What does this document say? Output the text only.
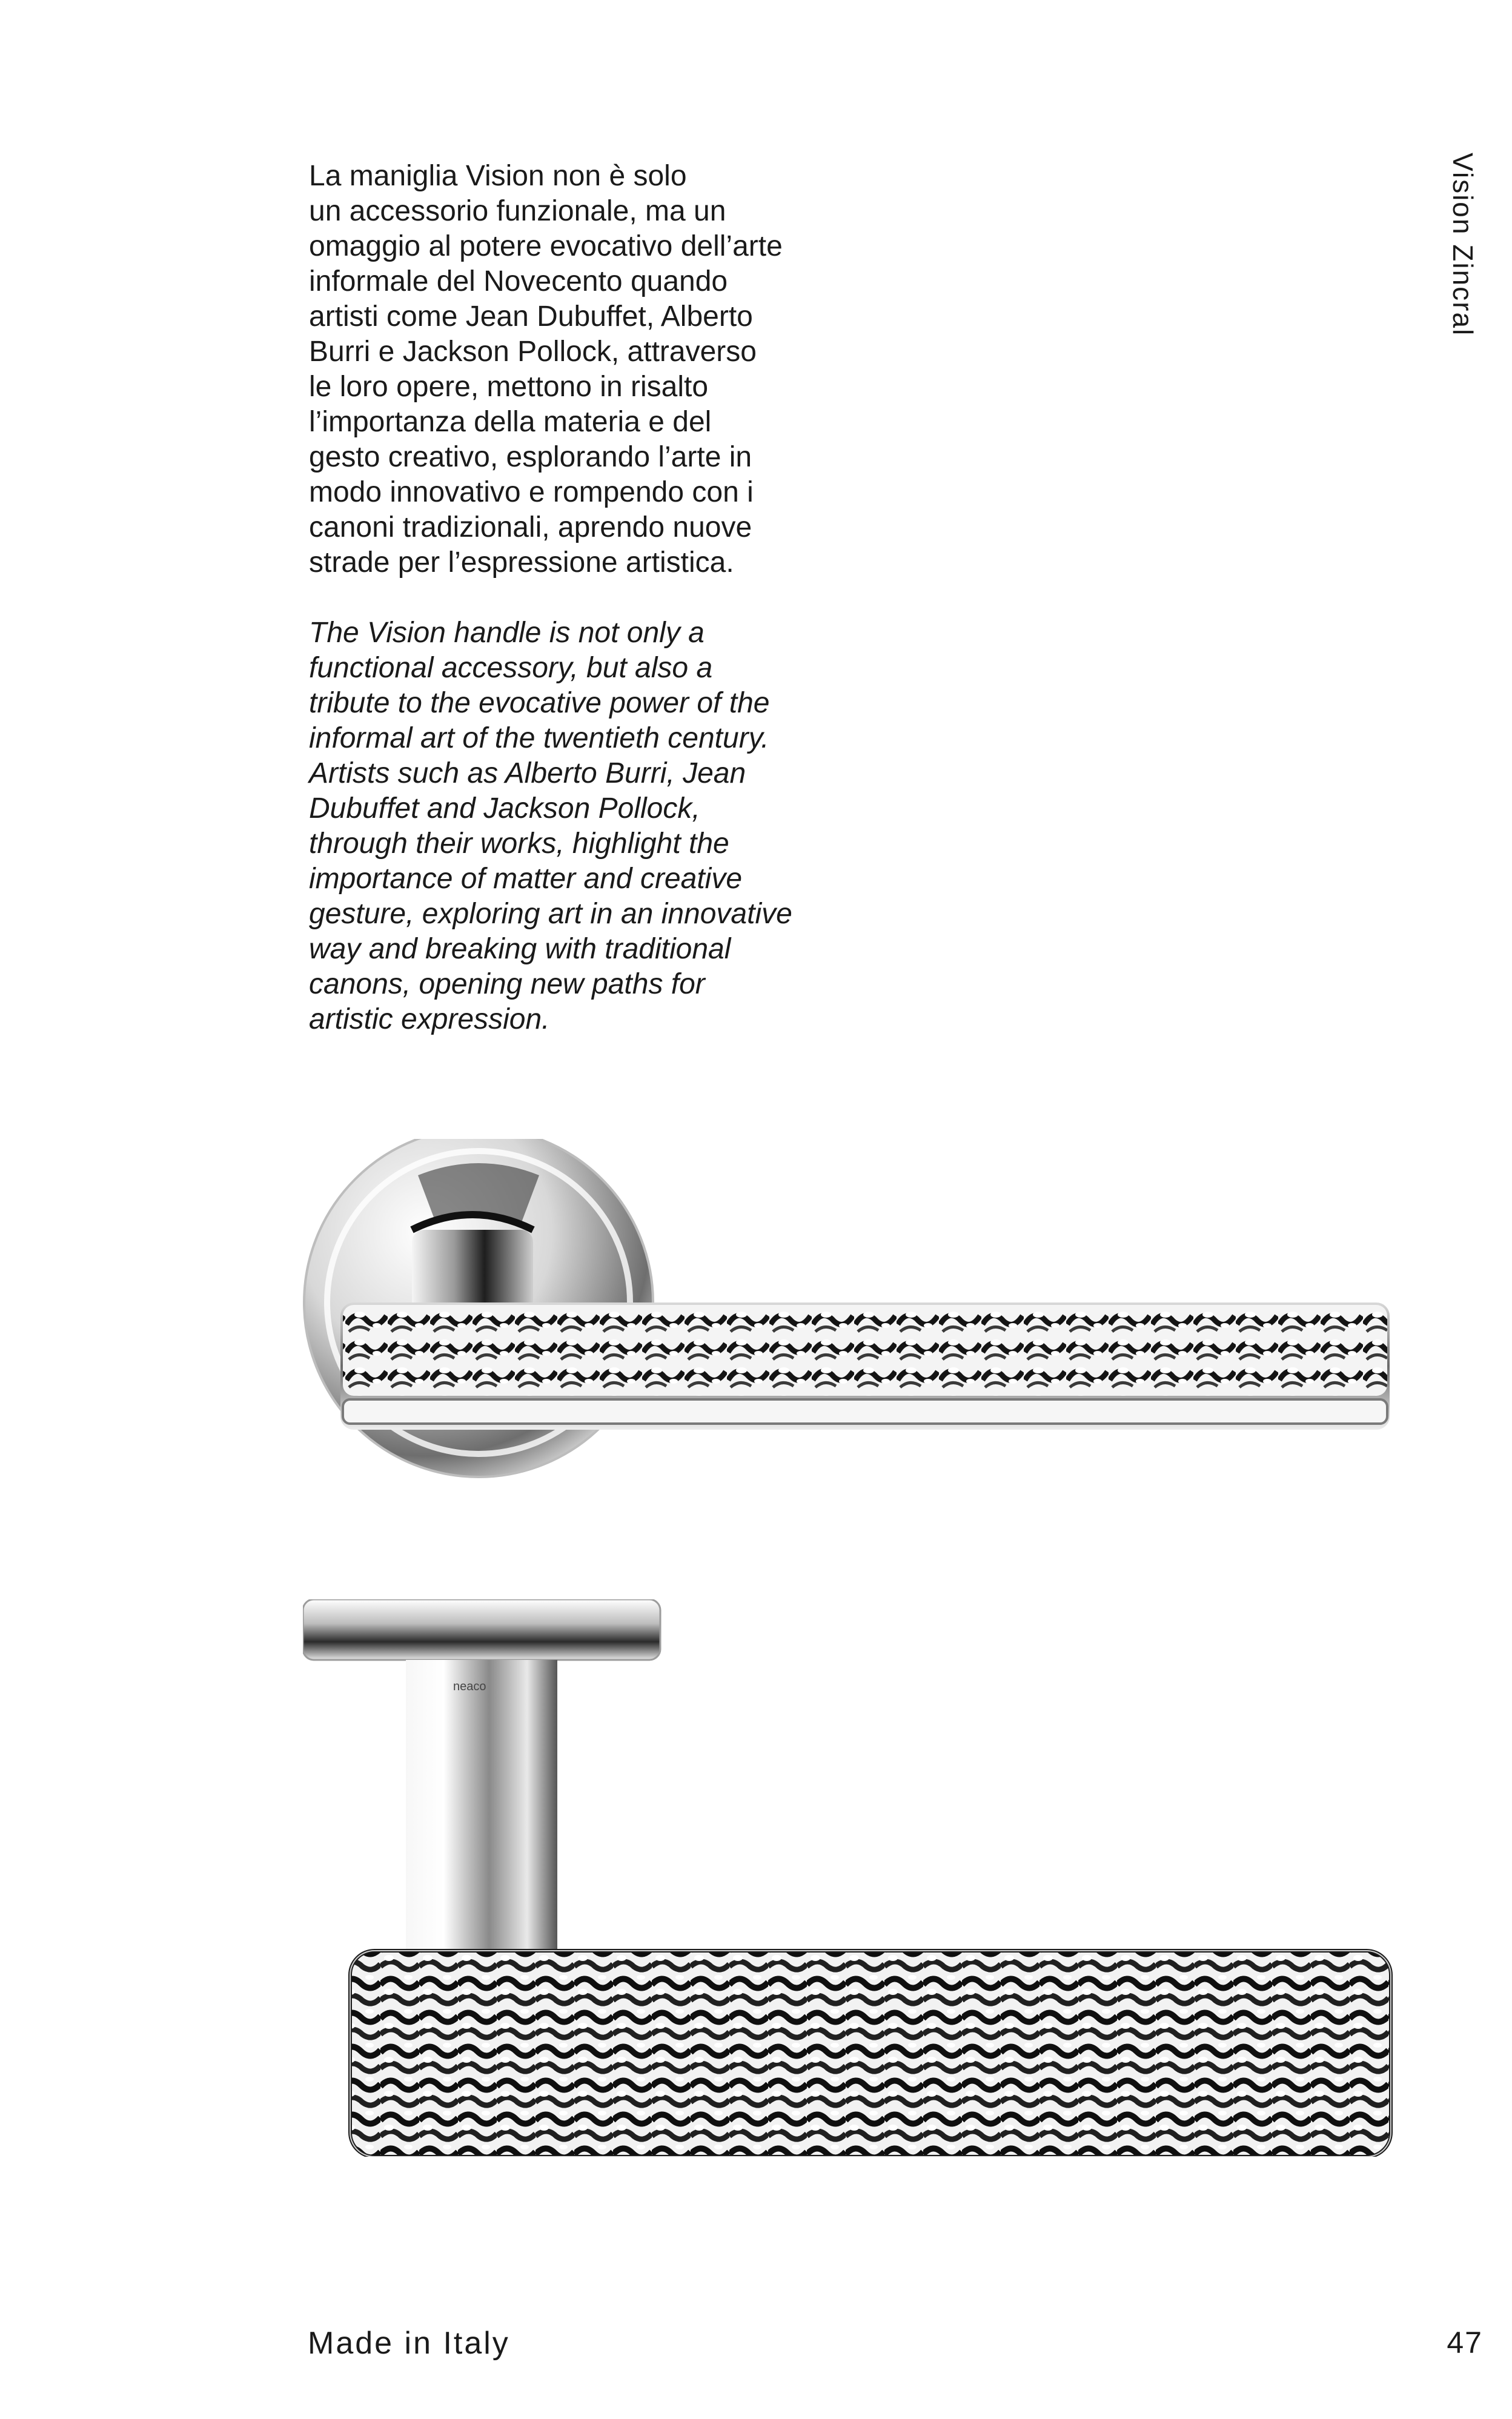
La maniglia Vision non è solo
un accessorio funzionale, ma un
omaggio al potere evocativo dell’arte
informale del Novecento quando
artisti come Jean Dubuffet, Alberto
Burri e Jackson Pollock, attraverso
le loro opere, mettono in risalto
l’importanza della materia e del
gesto creativo, esplorando l’arte in
modo innovativo e rompendo con i
canoni tradizionali, aprendo nuove
strade per l’espressione artistica.

The Vision handle is not only a
functional accessory, but also a
tribute to the evocative power of the
informal art of the twentieth century.
Artists such as Alberto Burri, Jean
Dubuffet and Jackson Pollock,
through their works, highlight the
importance of matter and creative
gesture, exploring art in an innovative
way and breaking with traditional
canons, opening new paths for
artistic expression.

Vision Zincral
neaco
Made in Italy	47
